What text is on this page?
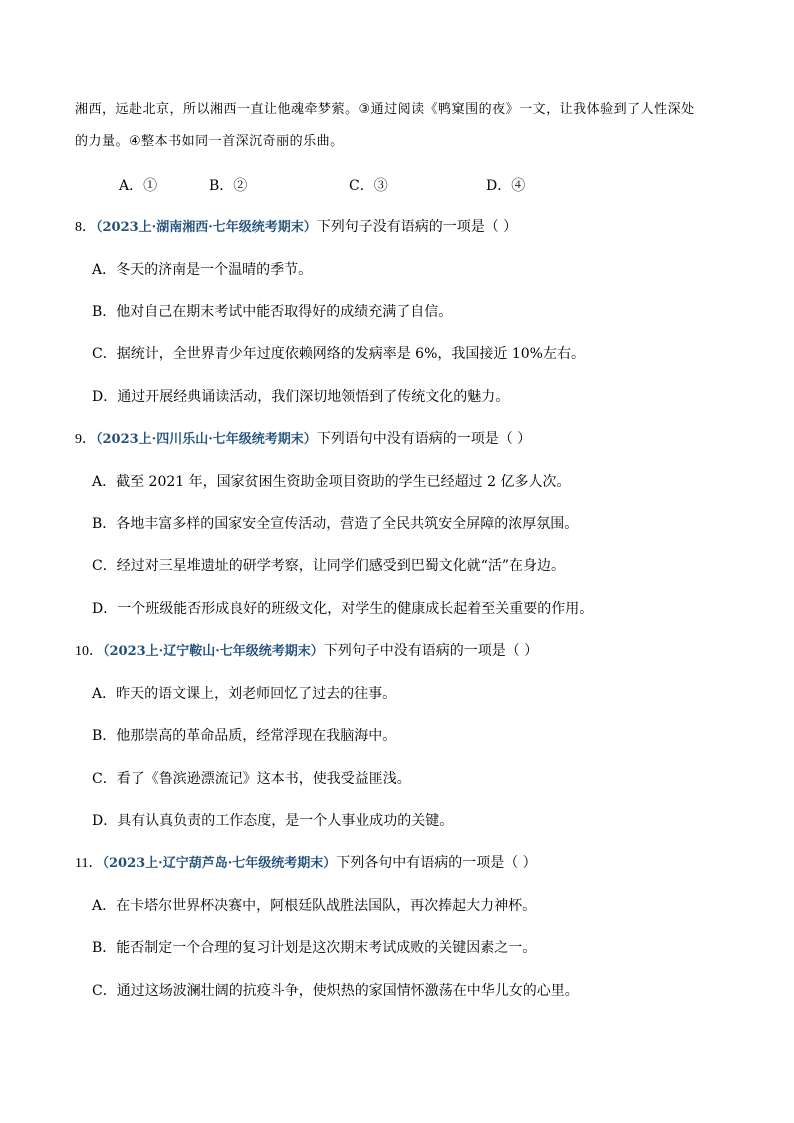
湘西，远赴北京，所以湘西一直让他魂牵梦萦。③通过阅读《鸭窠围的夜》一文，让我体验到了人性深处
的力量。④整本书如同一首深沉奇丽的乐曲。
A．①	B．②	C．③	D．④
8．（2023上·湖南湘西·七年级统考期末）下列句子没有语病的一项是（ ）
A．冬天的济南是一个温晴的季节。
B．他对自己在期末考试中能否取得好的成绩充满了自信。
C．据统计，全世界青少年过度依赖网络的发病率是 6%，我国接近 10%左右。
D．通过开展经典诵读活动，我们深切地领悟到了传统文化的魅力。
9．（2023上·四川乐山·七年级统考期末）下列语句中没有语病的一项是（ ）
A．截至 2021 年，国家贫困生资助金项目资助的学生已经超过 2 亿多人次。
B．各地丰富多样的国家安全宣传活动，营造了全民共筑安全屏障的浓厚氛围。
C．经过对三星堆遗址的研学考察，让同学们感受到巴蜀文化就“活”在身边。
D．一个班级能否形成良好的班级文化，对学生的健康成长起着至关重要的作用。
10．（2023上·辽宁鞍山·七年级统考期末）下列句子中没有语病的一项是（ ）
A．昨天的语文课上，刘老师回忆了过去的往事。
B．他那崇高的革命品质，经常浮现在我脑海中。
C．看了《鲁滨逊漂流记》这本书，使我受益匪浅。
D．具有认真负责的工作态度，是一个人事业成功的关键。
11．（2023上·辽宁葫芦岛·七年级统考期末）下列各句中有语病的一项是（ ）
A．在卡塔尔世界杯决赛中，阿根廷队战胜法国队，再次捧起大力神杯。
B．能否制定一个合理的复习计划是这次期末考试成败的关键因素之一。
C．通过这场波澜壮阔的抗疫斗争，使炽热的家国情怀激荡在中华儿女的心里。
